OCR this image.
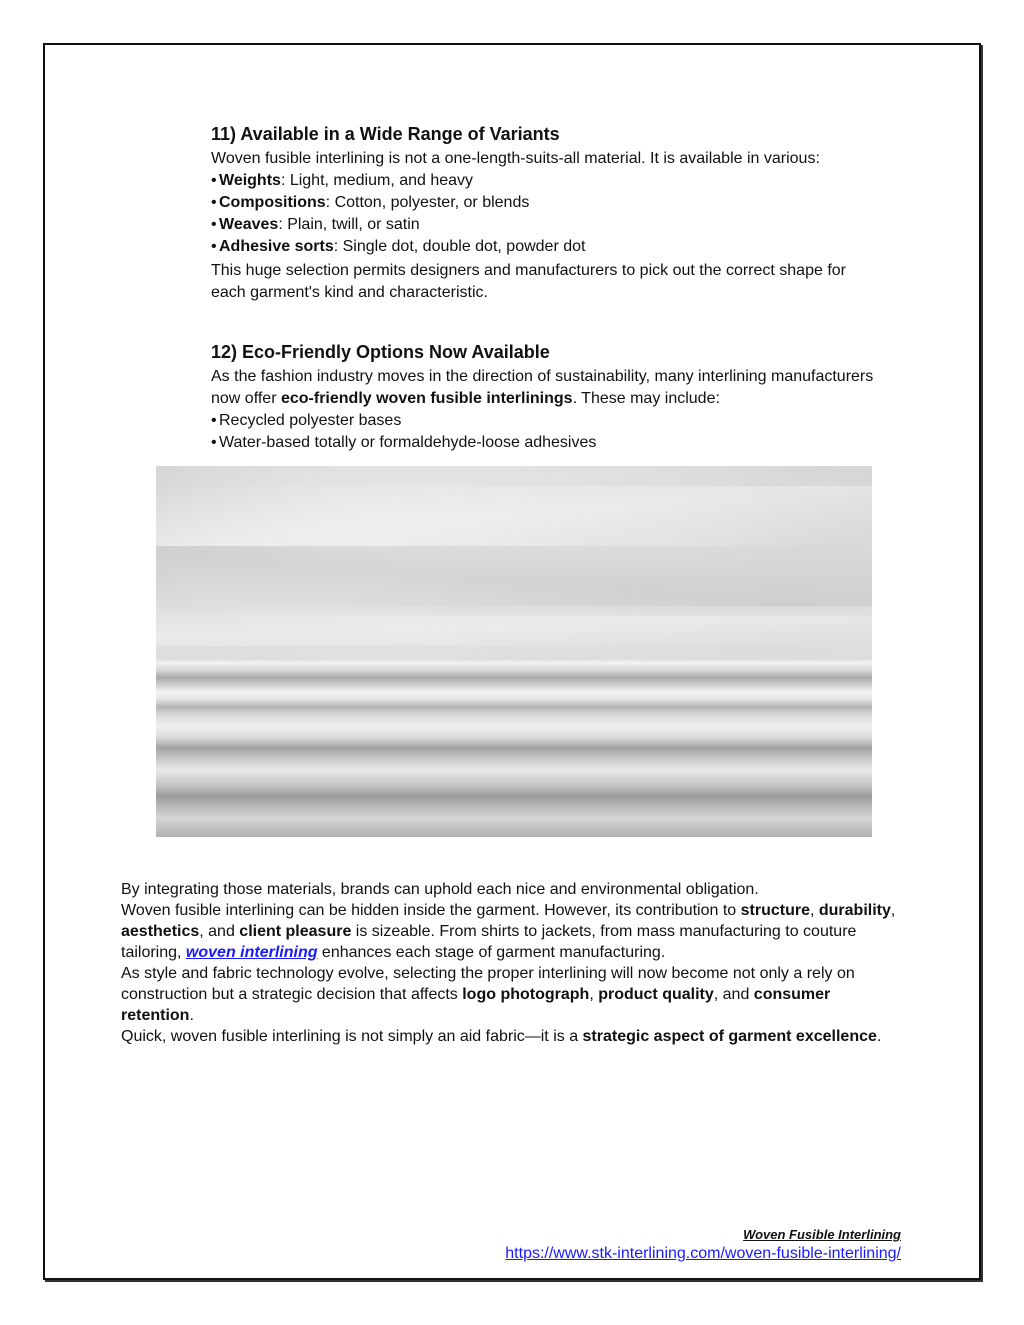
11) Available in a Wide Range of Variants

Woven fusible interlining is not a one-length-suits-all material. It is available in various:

• Weights: Light, medium, and heavy

• Compositions: Cotton, polyester, or blends

• Weaves: Plain, twill, or satin

• Adhesive sorts: Single dot, double dot, powder dot

This huge selection permits designers and manufacturers to pick out the correct shape for each garment's kind and characteristic.

12) Eco-Friendly Options Now Available

As the fashion industry moves in the direction of sustainability, many interlining manufacturers now offer eco-friendly woven fusible interlinings. These may include:

• Recycled polyester bases

• Water-based totally or formaldehyde-loose adhesives

By integrating those materials, brands can uphold each nice and environmental obligation.

Woven fusible interlining can be hidden inside the garment. However, its contribution to structure, durability, aesthetics, and client pleasure is sizeable. From shirts to jackets, from mass manufacturing to couture tailoring, woven interlining enhances each stage of garment manufacturing.

As style and fabric technology evolve, selecting the proper interlining will now become not only a rely on construction but a strategic decision that affects logo photograph, product quality, and consumer retention.

Quick, woven fusible interlining is not simply an aid fabric—it is a strategic aspect of garment excellence.

Woven Fusible Interlining
https://www.stk-interlining.com/woven-fusible-interlining/
